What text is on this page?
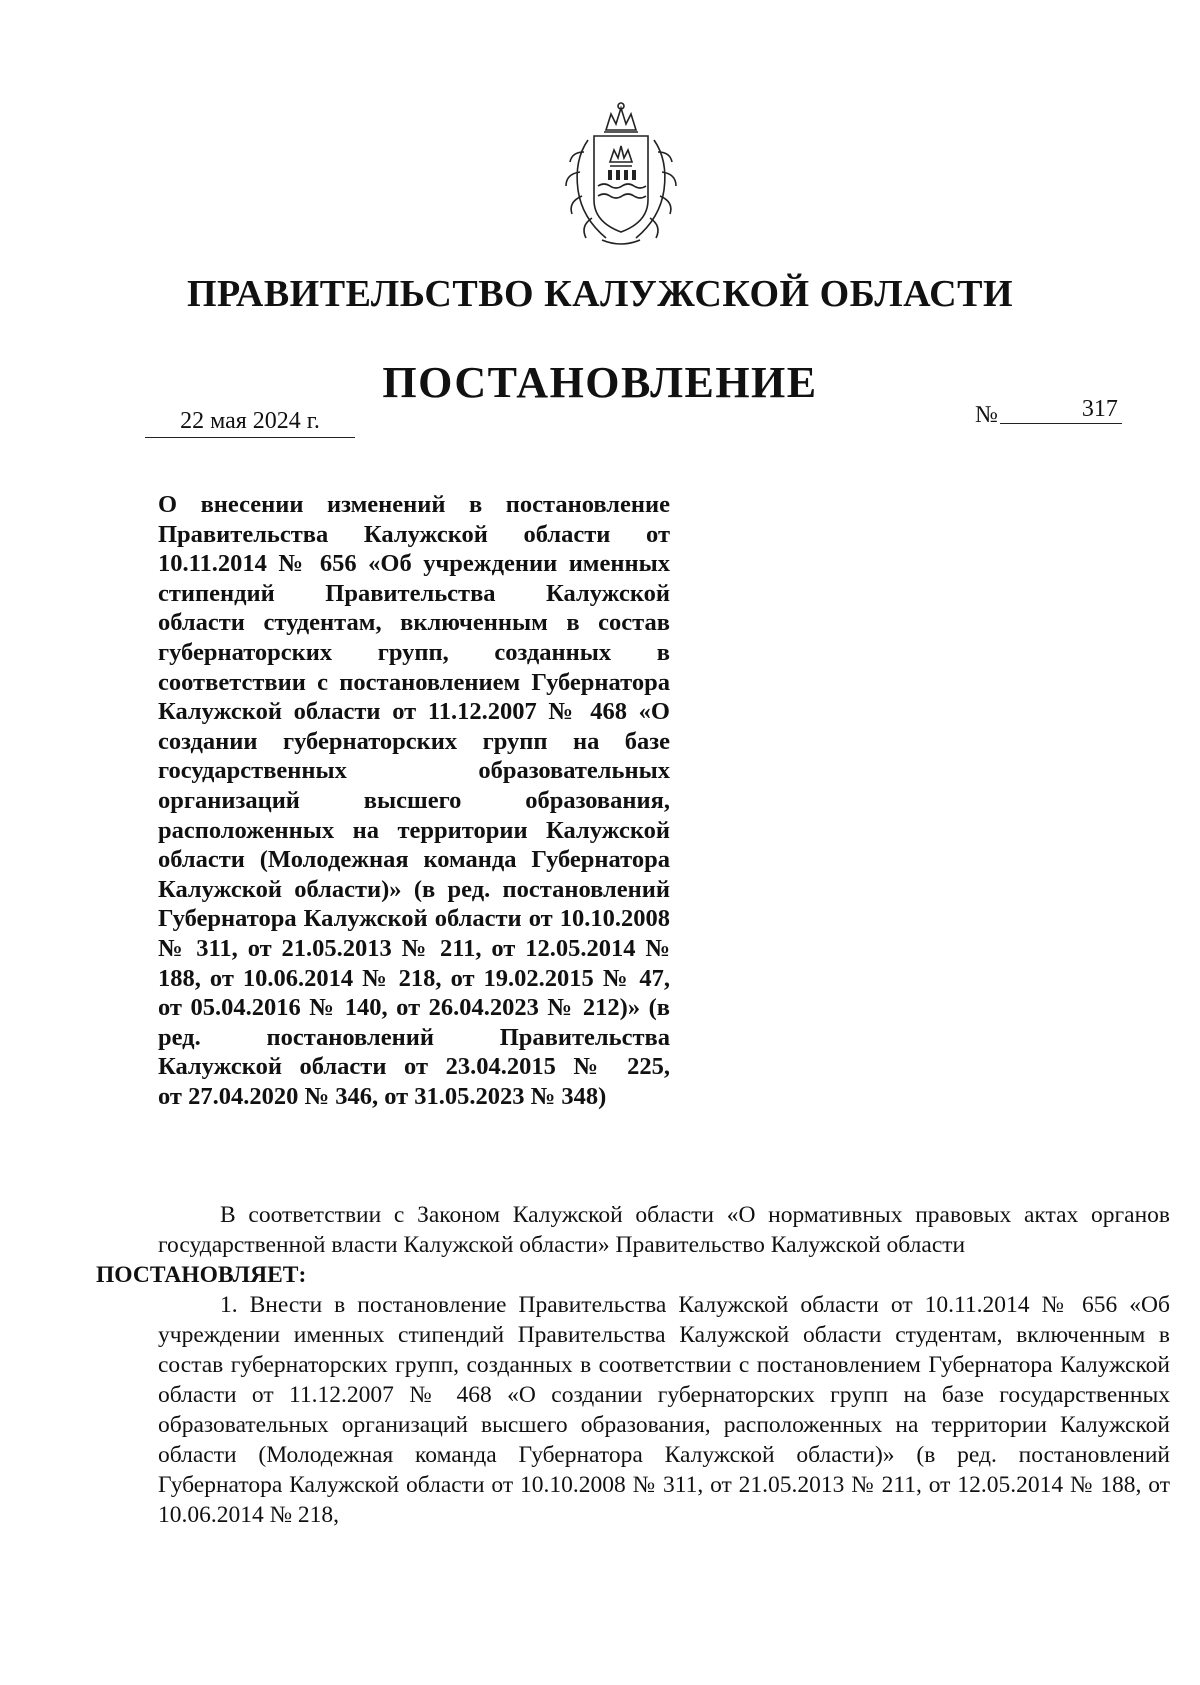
ПРАВИТЕЛЬСТВО КАЛУЖСКОЙ ОБЛАСТИ
ПОСТАНОВЛЕНИЕ
22 мая 2024 г.	№	317
О внесении изменений в постановление Правительства Калужской области от 10.11.2014 № 656 «Об учреждении именных стипендий Правительства Калужской области студентам, включенным в состав губернаторских групп, созданных в соответствии с постановлением Губернатора Калужской области от 11.12.2007 № 468 «О создании губернаторских групп на базе государственных образовательных организаций высшего образования, расположенных на территории Калужской области (Молодежная команда Губернатора Калужской области)» (в ред. постановлений Губернатора Калужской области от 10.10.2008 № 311, от 21.05.2013 № 211, от 12.05.2014 № 188, от 10.06.2014 № 218, от 19.02.2015 № 47, от 05.04.2016 № 140, от 26.04.2023 № 212)» (в ред. постановлений Правительства Калужской области от 23.04.2015 № 225,
от 27.04.2020 № 346, от 31.05.2023 № 348)

В соответствии с Законом Калужской области «О нормативных правовых актах органов государственной власти Калужской области» Правительство Калужской области
ПОСТАНОВЛЯЕТ:

1. Внести в постановление Правительства Калужской области от 10.11.2014 № 656 «Об учреждении именных стипендий Правительства Калужской области студентам, включенным в состав губернаторских групп, созданных в соответствии с постановлением Губернатора Калужской области от 11.12.2007 № 468 «О создании губернаторских групп на базе государственных образовательных организаций высшего образования, расположенных на территории Калужской области (Молодежная команда Губернатора Калужской области)» (в ред. постановлений Губернатора Калужской области от 10.10.2008 № 311, от 21.05.2013 № 211, от 12.05.2014 № 188, от 10.06.2014 № 218,
